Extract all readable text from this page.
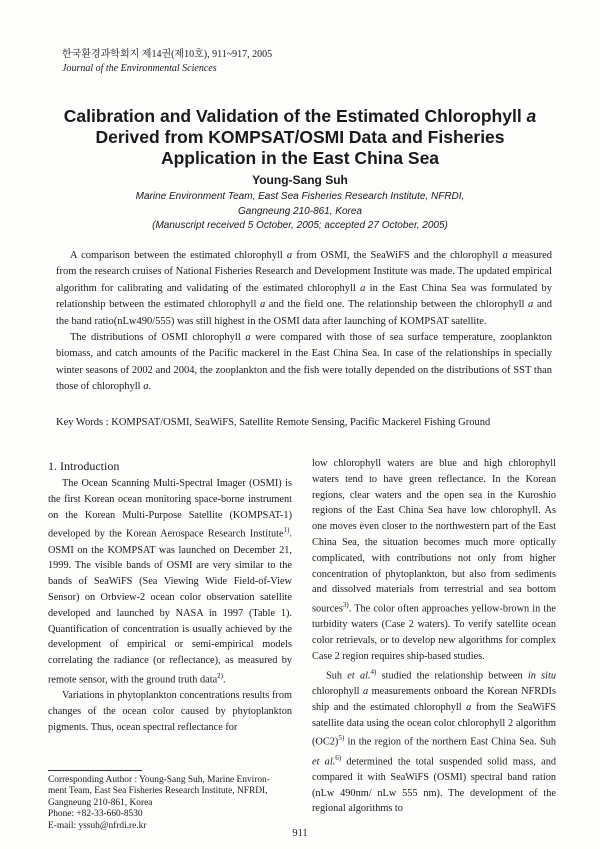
한국환경과학회지 제14권(제10호), 911~917, 2005
Journal of the Environmental Sciences
Calibration and Validation of the Estimated Chlorophyll a
Derived from KOMPSAT/OSMI Data and Fisheries
Application in the East China Sea
Young-Sang Suh
Marine Environment Team, East Sea Fisheries Research Institute, NFRDI,
Gangneung 210-861, Korea
(Manuscript received 5 October, 2005; accepted 27 October, 2005)

A comparison between the estimated chlorophyll a from OSMI, the SeaWiFS and the chlorophyll a measured from the research cruises of National Fisheries Research and Development Institute was made. The updated empirical algorithm for calibrating and validating of the estimated chlorophyll a in the East China Sea was formulated by relationship between the estimated chlorophyll a and the field one. The relationship between the chlorophyll a and the band ratio(nLw490/555) was still highest in the OSMI data after launching of KOMPSAT satellite.

The distributions of OSMI chlorophyll a were compared with those of sea surface temperature, zooplankton biomass, and catch amounts of the Pacific mackerel in the East China Sea. In case of the relationships in specially winter seasons of 2002 and 2004, the zooplankton and the fish were totally depended on the distributions of SST than those of chlorophyll a.

Key Words : KOMPSAT/OSMI, SeaWiFS, Satellite Remote Sensing, Pacific Mackerel Fishing Ground
1. Introduction

The Ocean Scanning Multi-Spectral Imager (OSMI) is the first Korean ocean monitoring space-borne instrument on the Korean Multi-Purpose Satellite (KOMPSAT-1) developed by the Korean Aerospace Research Institute$^{1)}$. OSMI on the KOMPSAT was launched on December 21, 1999. The visible bands of OSMI are very similar to the bands of SeaWiFS (Sea Viewing Wide Field-of-View Sensor) on Orbview-2 ocean color observation satellite developed and launched by NASA in 1997 (Table 1). Quantification of concentration is usually achieved by the development of empirical or semi-empirical models correlating the radiance (or reflectance), as measured by remote sensor, with the ground truth data$^{2)}$.

Variations in phytoplankton concentrations results from changes of the ocean color caused by phytoplankton pigments. Thus, ocean spectral reflectance for

low chlorophyll waters are blue and high chlorophyll waters tend to have green reflectance. In the Korean regions, clear waters and the open sea in the Kuroshio regions of the East China Sea have low chlorophyll. As one moves even closer to the northwestern part of the East China Sea, the situation becomes much more optically complicated, with contributions not only from higher concentration of phytoplankton, but also from sediments and dissolved materials from terrestrial and sea bottom sources$^{3)}$. The color often approaches yellow-brown in the turbidity waters (Case 2 waters). To verify satellite ocean color retrievals, or to develop new algorithms for complex Case 2 region requires ship-based studies.

Suh et al.$^{4)}$ studied the relationship between in situ chlorophyll a measurements onboard the Korean NFRDIs ship and the estimated chlorophyll a from the SeaWiFS satellite data using the ocean color chlorophyll 2 algorithm $(OC2)^{5)}$ in the region of the northern East China Sea. Suh et al.$^{6)}$ determined the total suspended solid mass, and compared it with SeaWiFS (OSMI) spectral band ration (nLw 490nm/ nLw 555 nm). The development of the regional algorithms to

Corresponding Author : Young-Sang Suh, Marine Environ-
ment Team, East Sea Fisheries Research Institute, NFRDI,
Gangneung 210-861, Korea
Phone: +82-33-660-8530
E-mail: yssuh@nfrdi.re.kr
911
